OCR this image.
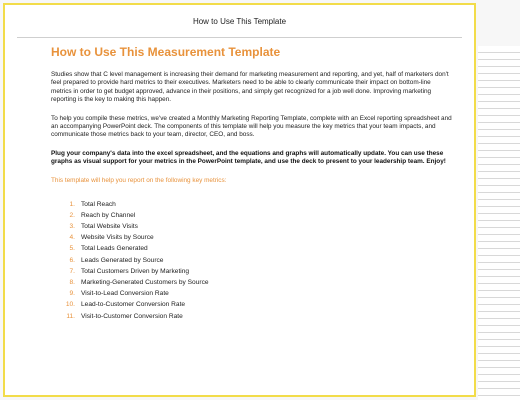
How to Use This Template
How to Use This Measurement Template

Studies show that C level management is increasing their demand for marketing measurement and reporting, and yet, half of marketers don't feel prepared to provide hard metrics to their executives. Marketers need to be able to clearly communicate their impact on bottom-line metrics in order to get budget approved, advance in their positions, and simply get recognized for a job well done. Improving marketing reporting is the key to making this happen.

To help you compile these metrics, we've created a Monthly Marketing Reporting Template, complete with an Excel reporting spreadsheet and an accompanying PowerPoint deck. The components of this template will help you measure the key metrics that your team impacts, and communicate those metrics back to your team, director, CEO, and boss.

Plug your company's data into the excel spreadsheet, and the equations and graphs will automatically update. You can use these graphs as visual support for your metrics in the PowerPoint template, and use the deck to present to your leadership team. Enjoy!

This template will help you report on the following key metrics:

1. Total Reach
2. Reach by Channel
3. Total Website Visits
4. Website Visits by Source
5. Total Leads Generated
6. Leads Generated by Source
7. Total Customers Driven by Marketing
8. Marketing-Generated Customers by Source
9. Visit-to-Lead Conversion Rate
10. Lead-to-Customer Conversion Rate
11. Visit-to-Customer Conversion Rate
